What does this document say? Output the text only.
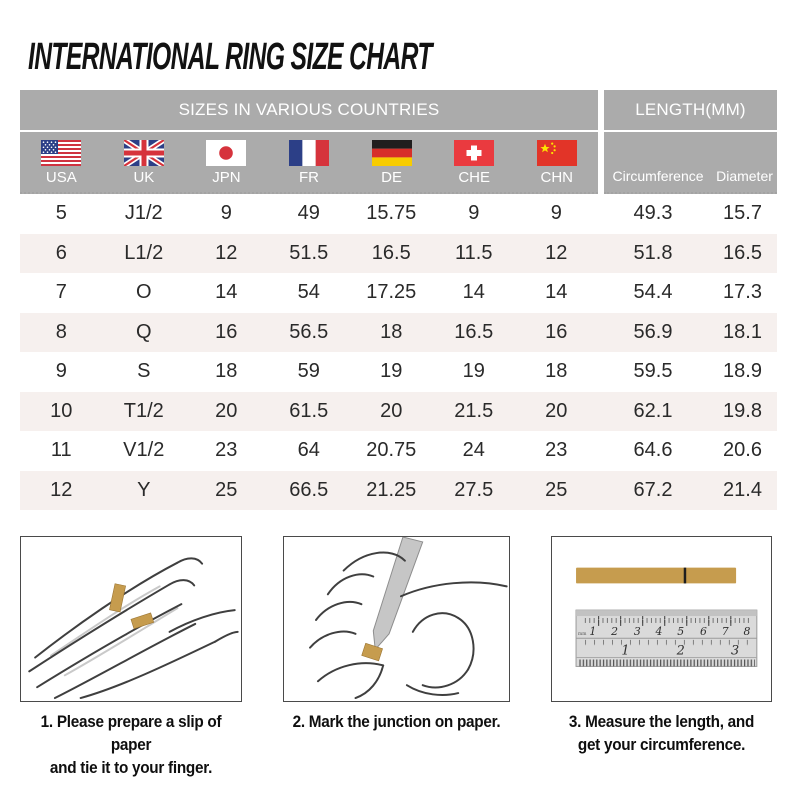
INTERNATIONAL RING SIZE CHART
SIZES IN VARIOUS COUNTRIES	LENGTH(MM)
USA	UK	JPN	FR	DE	CHE	CHN	Circumference Diameter
5	J1/2	9	49	15.75	9	9	49.3	15.7
6	L1/2	12	51.5	16.5	11.5	12	51.8	16.5
7	O	14	54	17.25	14	14	54.4	17.3
8	Q	16	56.5	18	16.5	16	56.9	18.1
9	S	18	59	19	19	18	59.5	18.9
10	T1/2	20	61.5	20	21.5	20	62.1	19.8
11	V1/2	23	64	20.75	24	23	64.6	20.6
12	Y	25	66.5	21.25	27.5	25	67.2	21.4
mm 1 2 3 4 5 6 7 8
1	2	3
1. Please prepare a slip of paper
and tie it to your finger.
2. Mark the junction on paper.	3. Measure the length, and
get your circumference.
